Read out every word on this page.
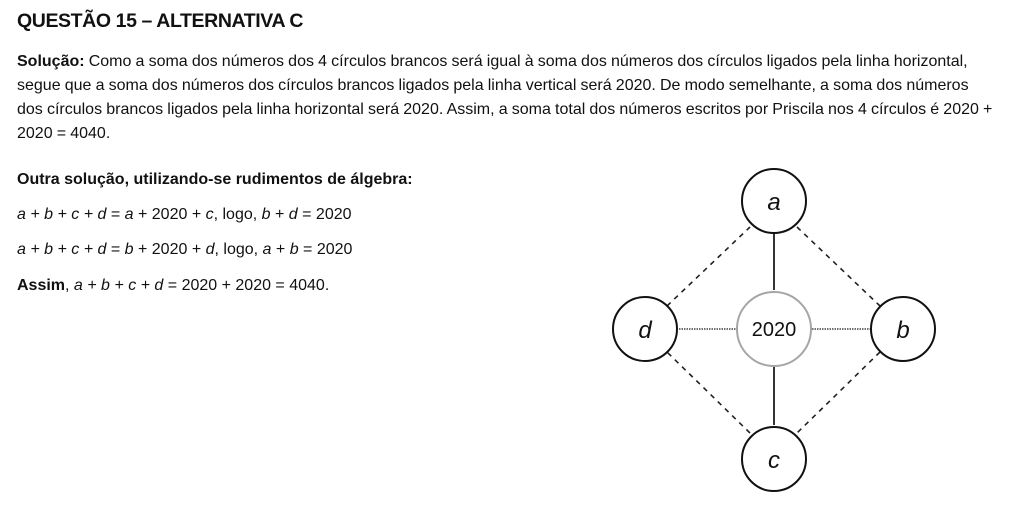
QUESTÃO 15 – ALTERNATIVA C

Solução: Como a soma dos números dos 4 círculos brancos será igual à soma dos números dos círculos ligados pela linha horizontal, segue que a soma dos números dos círculos brancos ligados pela linha vertical será 2020. De modo semelhante, a soma dos números dos círculos brancos ligados pela linha horizontal será 2020. Assim, a soma total dos números escritos por Priscila nos 4 círculos é 2020 + 2020 = 4040.

Outra solução, utilizando-se rudimentos de álgebra:

a + b + c + d = a + 2020 + c, logo, b + d = 2020

a + b + c + d = b + 2020 + d, logo, a + b = 2020

Assim, a + b + c + d = 2020 + 2020 = 4040.

a
b
c
d	2020
